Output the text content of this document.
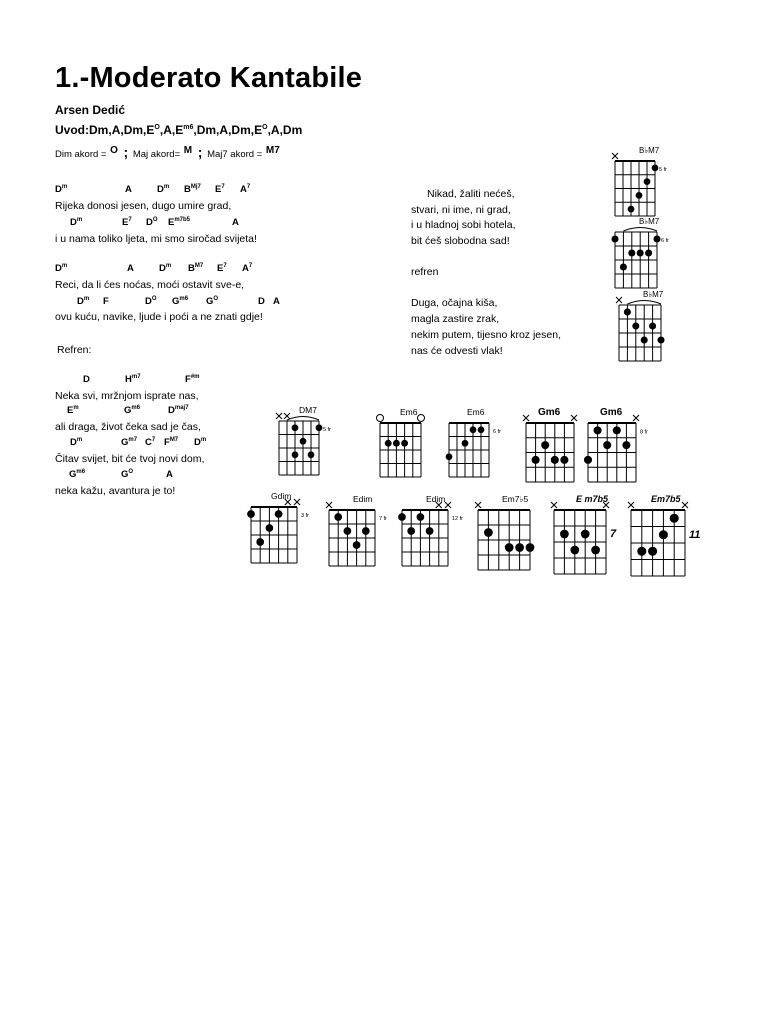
1.-Moderato Kantabile
Arsen Dedić
$Uvod:Dm,A,Dm,E^O,A,E^{m6},Dm,A,Dm,E^O,A,Dm$
Dim akord = O ; Maj akord= M ; Maj7 akord = M7
$D^m$	A	$D^m$ $B^{Mj7}$ $E^7$ $A^7$
$D^m$	$E^7$ $D^O$ $E^{m7b5}$	A
$D^m$	A	$D^m$ $B^{M7}$ $E^7$ $A^7$
$D^m$ F	$D^O$ $G^{m6}$ $G^O$	D A
D	$H^{m7}$	$F^{\#m}$
$E^m$	$G^{m6}$	$D^{maj7}$
$D^m$	$G^{m7}$ $C^7$ $F^{M7}$ $D^m$
$G^{m6}$	$G^O$	A
Rijeka donosi jesen, dugo umire grad,
i u nama toliko ljeta, mi smo siročad svijeta!
Reci, da li ćes noćas, moći ostavit sve-e,
ovu kuću, navike, ljude i poći a ne znati gdje!
Refren:
Neka svi, mržnjom isprate nas,
ali draga, život čeka sad je čas,
Čitav svijet, bit će tvoj novi dom,
neka kažu, avantura je to!
Nikad, žaliti nećeš,
stvari, ni ime, ni grad,
i u hladnoj sobi hotela,
bit ćeš slobodna sad!
refren
Duga, očajna kiša,
magla zastire zrak,
nekim putem, tijesno kroz jesen,
nas će odvesti vlak!
B♭M7
5 fr
B♭M7
6 fr
B♭M7
DM7
5 fr
Em6	Em6
6 fr
Gm6	Gm6
8 fr
Gdim
3 fr
Edim
7 fr
Edim
12 fr
Em7♭5	E m7b5
7
Em7b5
11
